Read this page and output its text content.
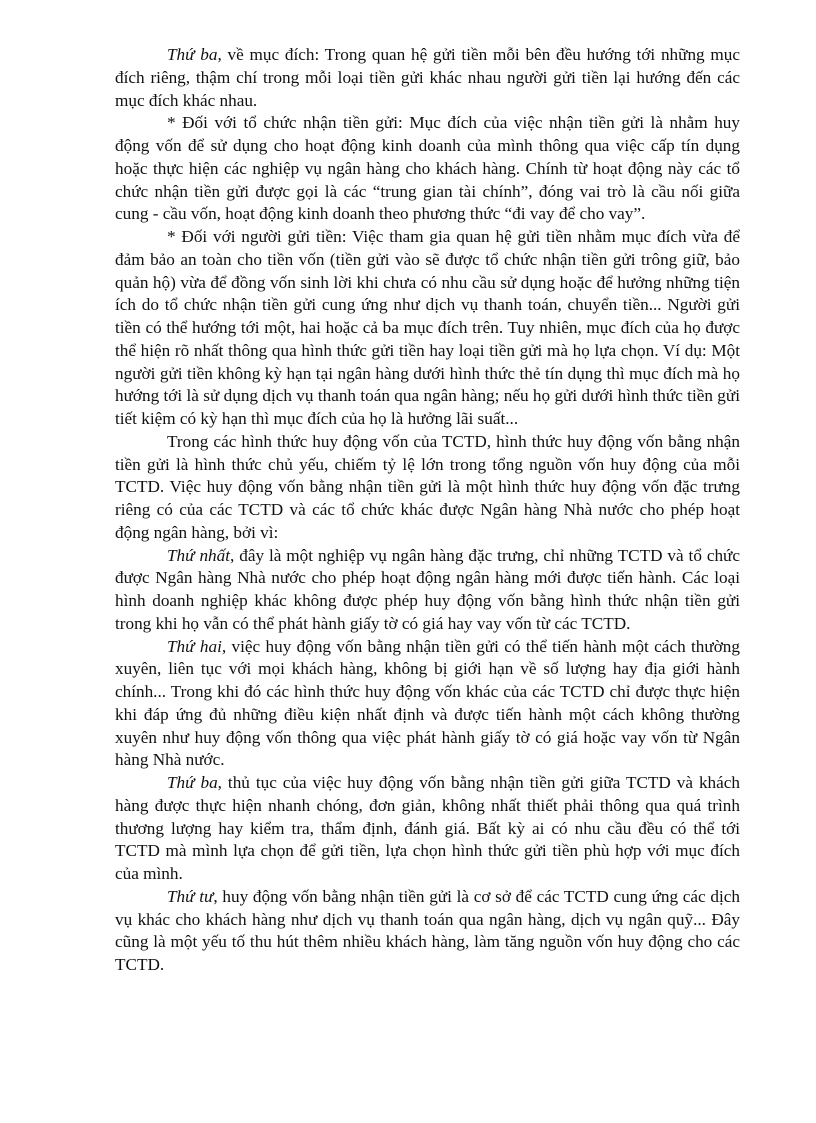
Thứ ba, về mục đích: Trong quan hệ gửi tiền mỗi bên đều hướng tới những mục đích riêng, thậm chí trong mỗi loại tiền gửi khác nhau người gửi tiền lại hướng đến các mục đích khác nhau.

* Đối với tổ chức nhận tiền gửi: Mục đích của việc nhận tiền gửi là nhằm huy động vốn để sử dụng cho hoạt động kinh doanh của mình thông qua việc cấp tín dụng hoặc thực hiện các nghiệp vụ ngân hàng cho khách hàng. Chính từ hoạt động này các tổ chức nhận tiền gửi được gọi là các “trung gian tài chính”, đóng vai trò là cầu nối giữa cung - cầu vốn, hoạt động kinh doanh theo phương thức “đi vay để cho vay”.

* Đối với người gửi tiền: Việc tham gia quan hệ gửi tiền nhằm mục đích vừa để đảm bảo an toàn cho tiền vốn (tiền gửi vào sẽ được tổ chức nhận tiền gửi trông giữ, bảo quản hộ) vừa để đồng vốn sinh lời khi chưa có nhu cầu sử dụng hoặc để hưởng những tiện ích do tổ chức nhận tiền gửi cung ứng như dịch vụ thanh toán, chuyển tiền... Người gửi tiền có thể hướng tới một, hai hoặc cả ba mục đích trên. Tuy nhiên, mục đích của họ được thể hiện rõ nhất thông qua hình thức gửi tiền hay loại tiền gửi mà họ lựa chọn. Ví dụ: Một người gửi tiền không kỳ hạn tại ngân hàng dưới hình thức thẻ tín dụng thì mục đích mà họ hướng tới là sử dụng dịch vụ thanh toán qua ngân hàng; nếu họ gửi dưới hình thức tiền gửi tiết kiệm có kỳ hạn thì mục đích của họ là hưởng lãi suất...

Trong các hình thức huy động vốn của TCTD, hình thức huy động vốn bằng nhận tiền gửi là hình thức chủ yếu, chiếm tỷ lệ lớn trong tổng nguồn vốn huy động của mỗi TCTD. Việc huy động vốn bằng nhận tiền gửi là một hình thức huy động vốn đặc trưng riêng có của các TCTD và các tổ chức khác được Ngân hàng Nhà nước cho phép hoạt động ngân hàng, bởi vì:

Thứ nhất, đây là một nghiệp vụ ngân hàng đặc trưng, chỉ những TCTD và tổ chức được Ngân hàng Nhà nước cho phép hoạt động ngân hàng mới được tiến hành. Các loại hình doanh nghiệp khác không được phép huy động vốn bằng hình thức nhận tiền gửi trong khi họ vẫn có thể phát hành giấy tờ có giá hay vay vốn từ các TCTD.

Thứ hai, việc huy động vốn bằng nhận tiền gửi có thể tiến hành một cách thường xuyên, liên tục với mọi khách hàng, không bị giới hạn về số lượng hay địa giới hành chính... Trong khi đó các hình thức huy động vốn khác của các TCTD chỉ được thực hiện khi đáp ứng đủ những điều kiện nhất định và được tiến hành một cách không thường xuyên như huy động vốn thông qua việc phát hành giấy tờ có giá hoặc vay vốn từ Ngân hàng Nhà nước.

Thứ ba, thủ tục của việc huy động vốn bằng nhận tiền gửi giữa TCTD và khách hàng được thực hiện nhanh chóng, đơn giản, không nhất thiết phải thông qua quá trình thương lượng hay kiểm tra, thẩm định, đánh giá. Bất kỳ ai có nhu cầu đều có thể tới TCTD mà mình lựa chọn để gửi tiền, lựa chọn hình thức gửi tiền phù hợp với mục đích của mình.

Thứ tư, huy động vốn bằng nhận tiền gửi là cơ sở để các TCTD cung ứng các dịch vụ khác cho khách hàng như dịch vụ thanh toán qua ngân hàng, dịch vụ ngân quỹ... Đây cũng là một yếu tố thu hút thêm nhiều khách hàng, làm tăng nguồn vốn huy động cho các TCTD.
